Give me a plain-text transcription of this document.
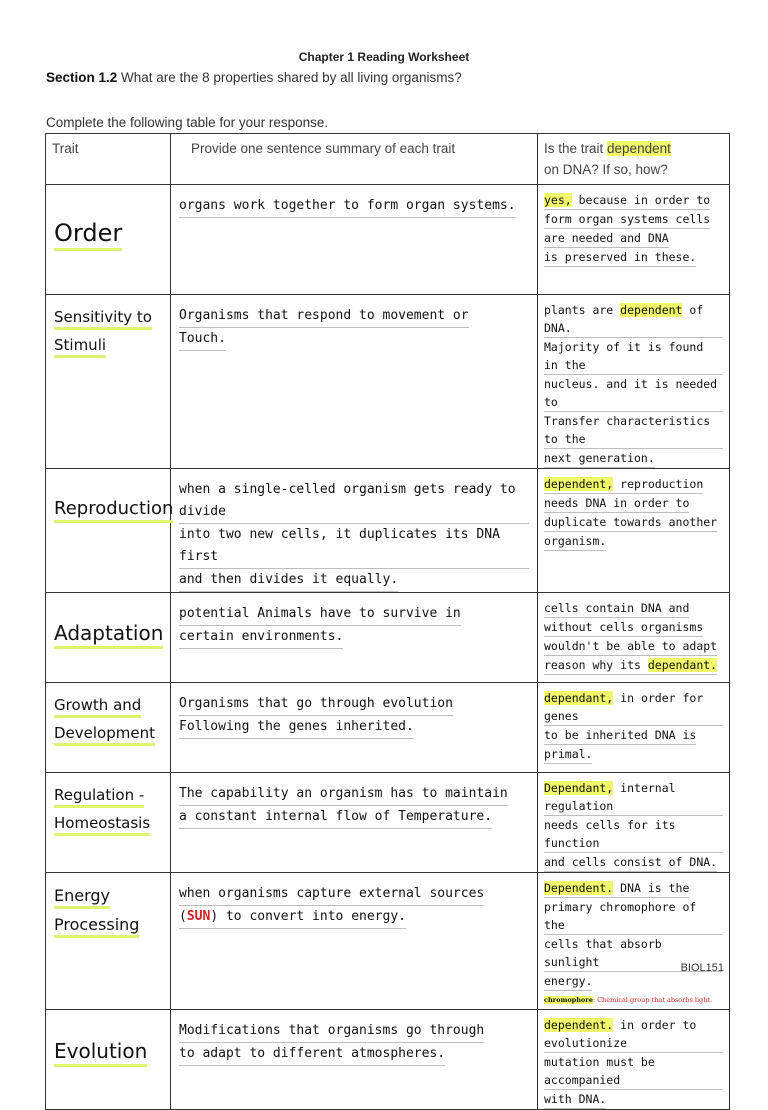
Chapter 1 Reading Worksheet
Section 1.2 What are the 8 properties shared by all living organisms?
Complete the following table for your response.
Trait	Provide one sentence summary of each trait	Is the trait dependent
on DNA? If so, how?

Order	organs work together to form organ systems.	yes, because in order to
form organ systems cells
are needed and DNA
is preserved in these.

Sensitivity to
Stimuli	Organisms that respond to movement or
Touch.	plants are dependent of DNA.
Majority of it is found in the
nucleus. and it is needed to
Transfer characteristics to the
next generation.

Reproduction	when a single-celled organism gets ready to divide
into two new cells, it duplicates its DNA first
and then divides it equally.	dependent, reproduction
needs DNA in order to
duplicate towards another
organism.

Adaptation	potential Animals have to survive in
certain environments.	cells contain DNA and
without cells organisms
wouldn't be able to adapt
reason why its dependant.

Growth and
Development	Organisms that go through evolution
Following the genes inherited.	dependant, in order for genes
to be inherited DNA is
primal.

Regulation -
Homeostasis	The capability an organism has to maintain
a constant internal flow of Temperature.	Dependant, internal regulation
needs cells for its function
and cells consist of DNA.

Energy
Processing	when organisms capture external sources
(SUN) to convert into energy.	Dependent. DNA is the
primary chromophore of the
cells that absorb sunlight
energy.

chromophore: Chemical group that absorbs light.

Evolution	Modifications that organisms go through
to adapt to different atmospheres.	dependent. in order to evolutionize
mutation must be accompanied
with DNA.

BIOL151
